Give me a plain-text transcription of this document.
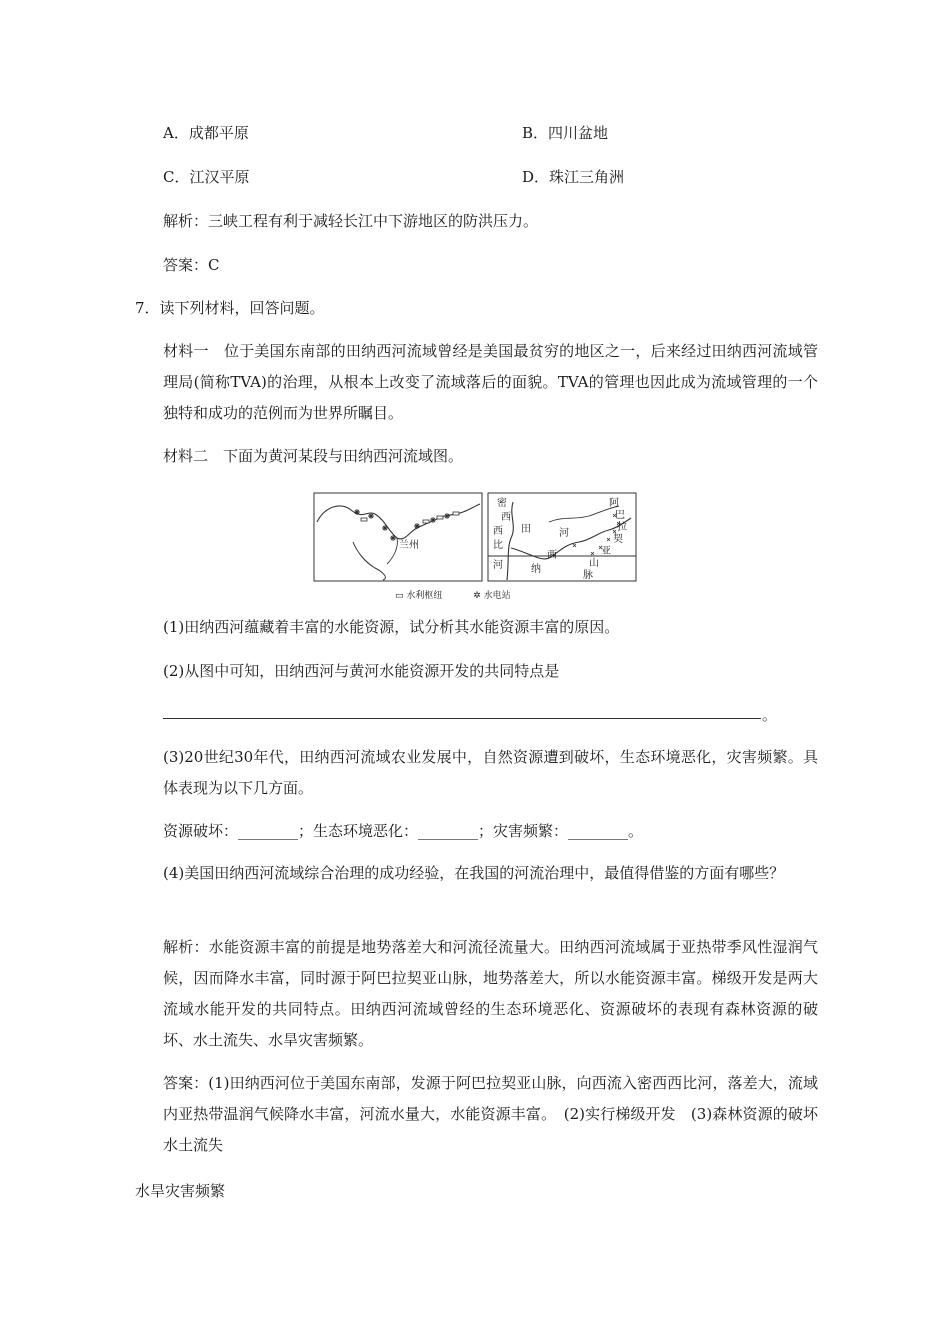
A．成都平原	B．四川盆地
C．江汉平原	D．珠江三角洲
解析：三峡工程有利于减轻长江中下游地区的防洪压力。
答案：C
7．读下列材料，回答问题。
材料一　位于美国东南部的田纳西河流域曾经是美国最贫穷的地区之一，后来经过田纳西河流域管理局(简称TVA)的治理，从根本上改变了流域落后的面貌。TVA的管理也因此成为流域管理的一个独特和成功的范例而为世界所瞩目。
材料二　下面为黄河某段与田纳西河流域图。
兰州
密
西
西 田
比
河	纳
西
河
阿
巴
拉
契
亚
山
脉
▭ 水利枢纽	✲ 水电站
(1)田纳西河蕴藏着丰富的水能资源，试分析其水能资源丰富的原因。
(2)从图中可知，田纳西河与黄河水能资源开发的共同特点是
。
(3)20世纪30年代，田纳西河流域农业发展中，自然资源遭到破坏，生态环境恶化，灾害频繁。具体表现为以下几方面。
资源破坏：________；生态环境恶化：________；灾害频繁：________。
(4)美国田纳西河流域综合治理的成功经验，在我国的河流治理中，最值得借鉴的方面有哪些？
解析：水能资源丰富的前提是地势落差大和河流径流量大。田纳西河流域属于亚热带季风性湿润气候，因而降水丰富，同时源于阿巴拉契亚山脉，地势落差大，所以水能资源丰富。梯级开发是两大流域水能开发的共同特点。田纳西河流域曾经的生态环境恶化、资源破坏的表现有森林资源的破坏、水土流失、水旱灾害频繁。
答案：(1)田纳西河位于美国东南部，发源于阿巴拉契亚山脉，向西流入密西西比河，落差大，流域内亚热带温润气候降水丰富，河流水量大，水能资源丰富。　(2)实行梯级开发　(3)森林资源的破坏　水土流失
水旱灾害频繁
